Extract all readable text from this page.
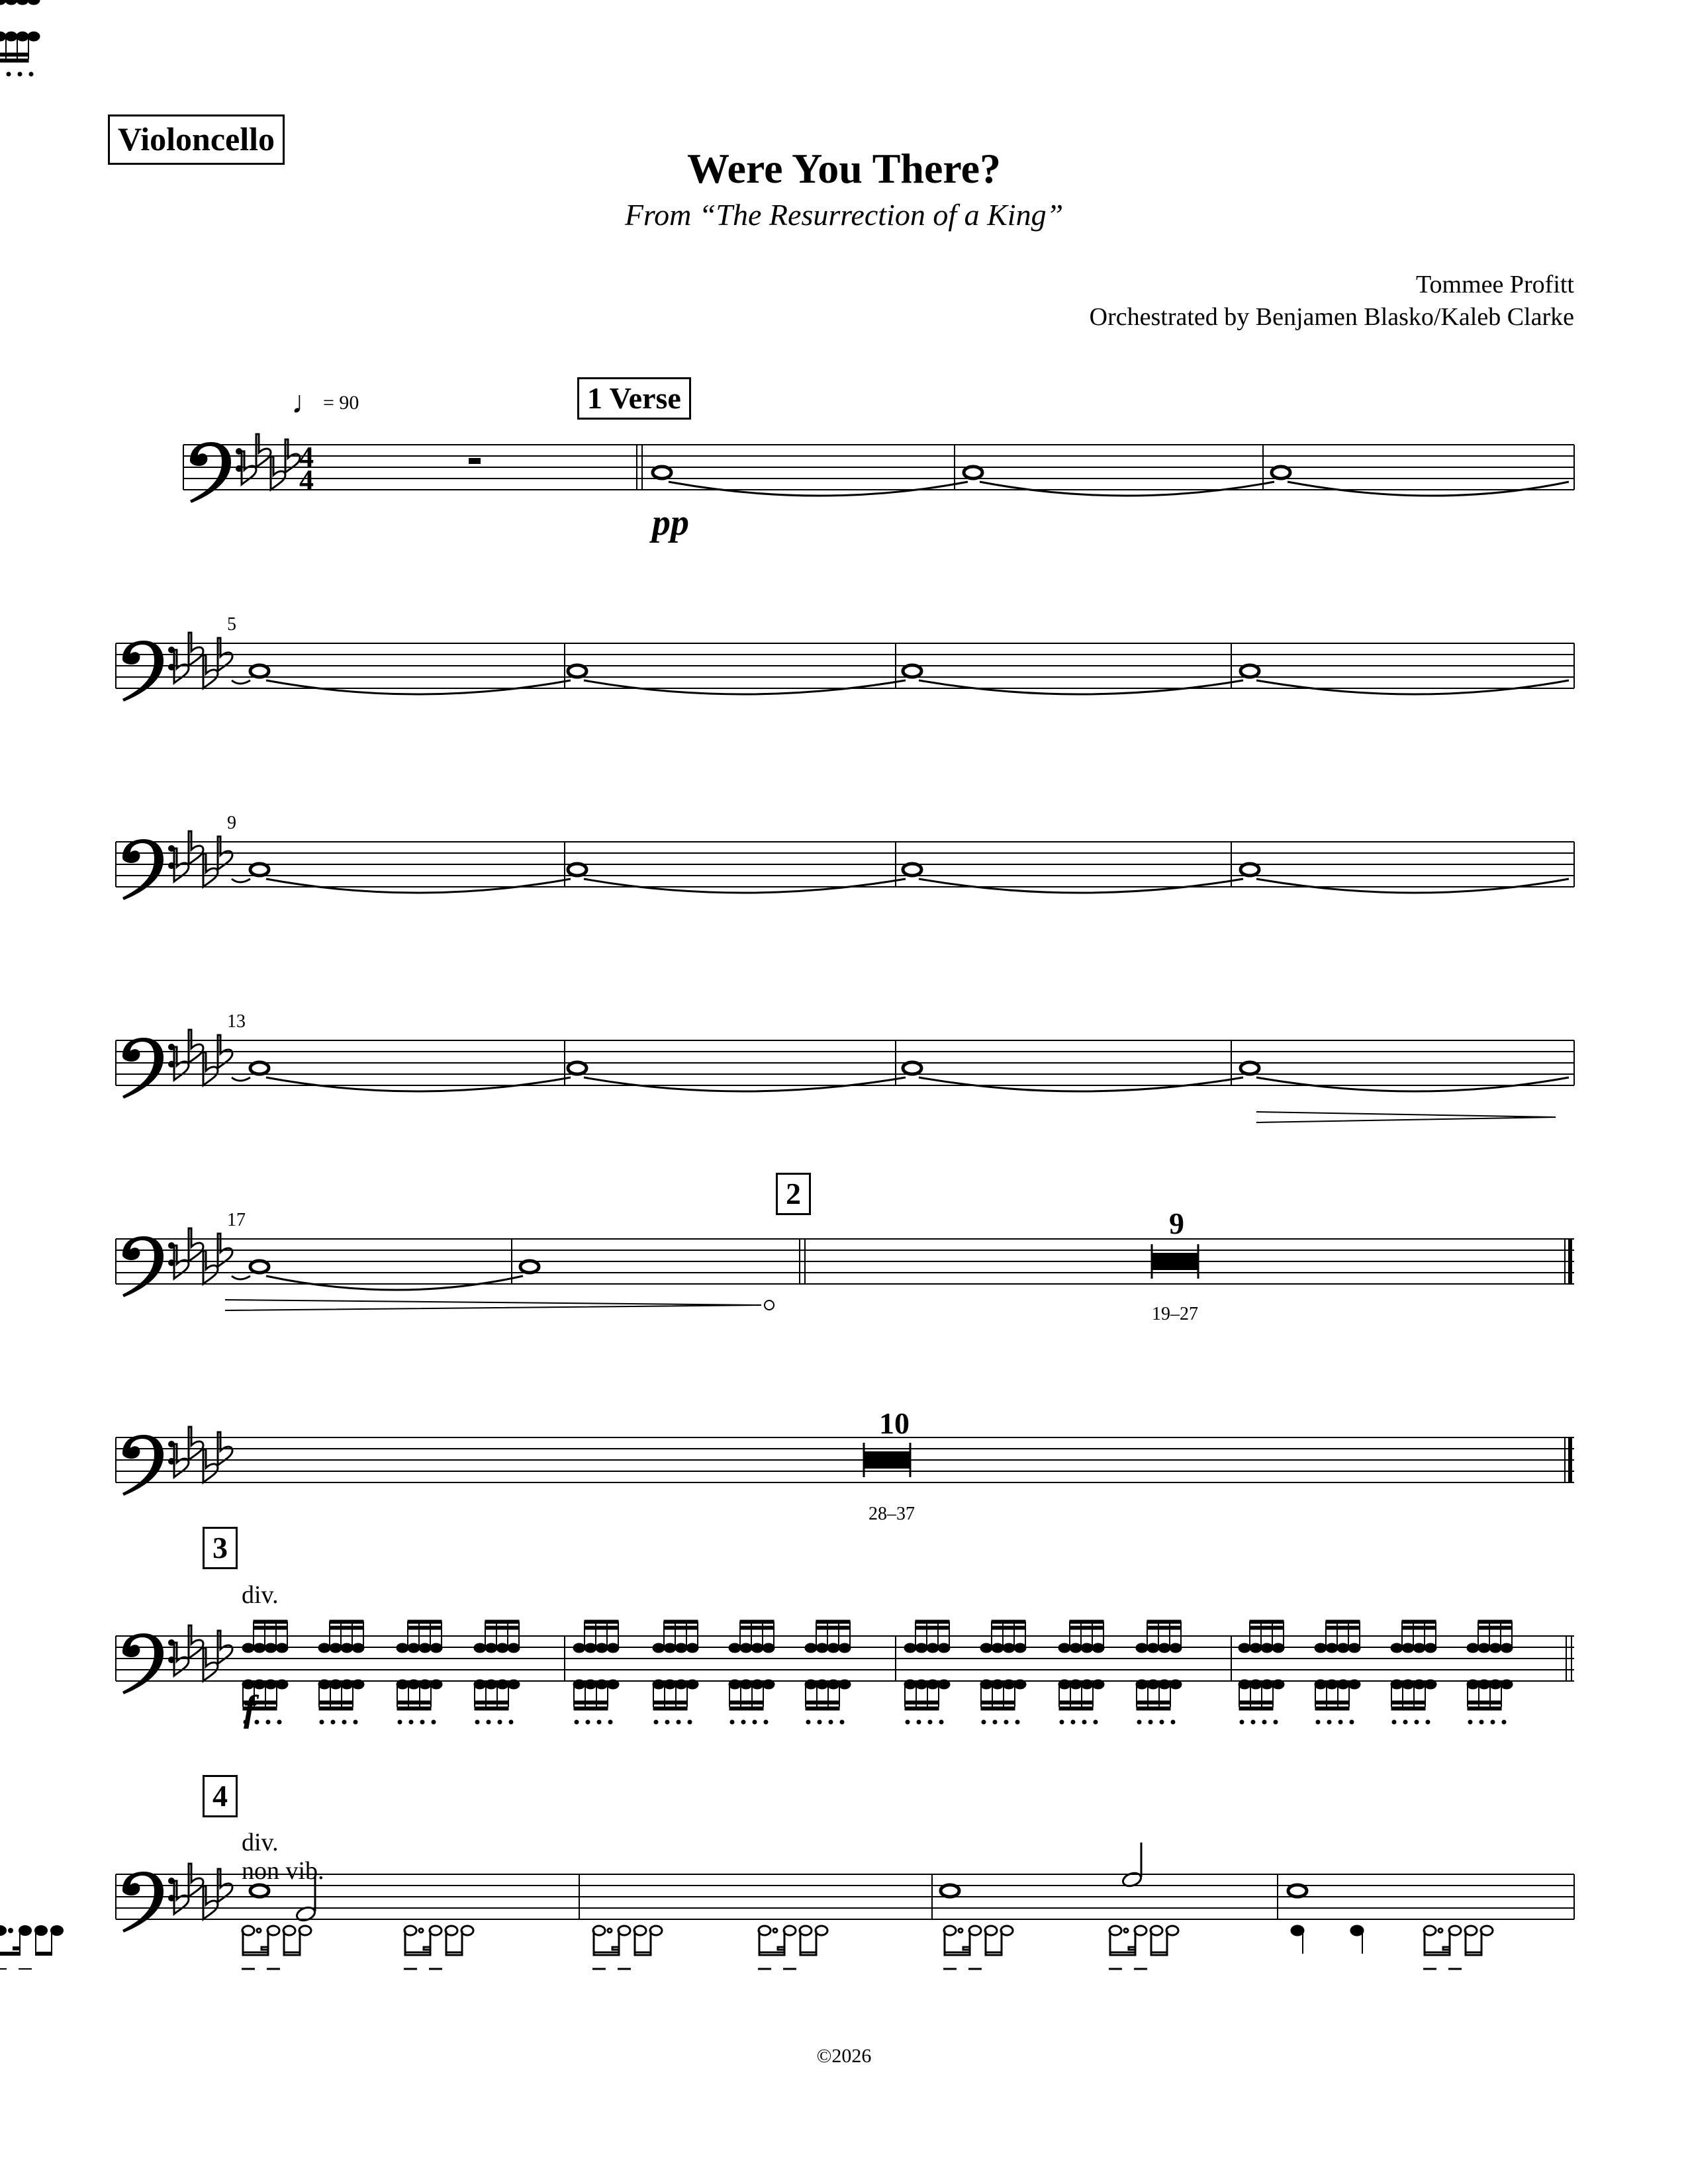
Violoncello
Were You There?
From “The Resurrection of a King”
Tommee Profitt
Orchestrated by Benjamen Blasko/Kaleb Clarke
♩= 90	1 Verse
2
3
4
5
9
13
17	9
19–27
10
28–37
div.
div.
non vib.
pp
©2026
4
4
